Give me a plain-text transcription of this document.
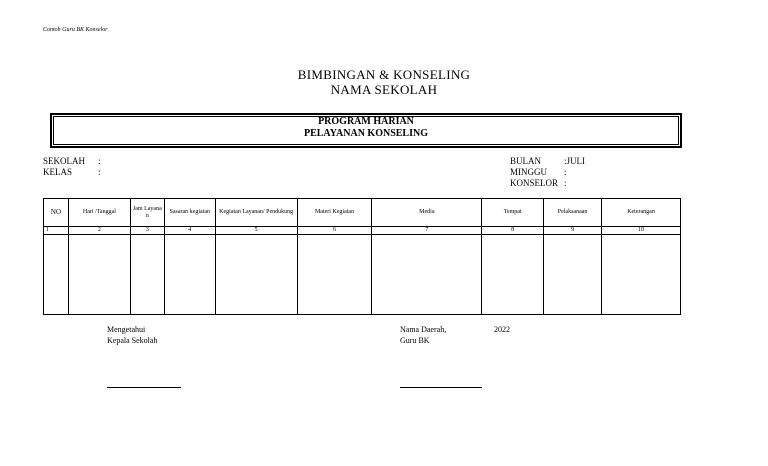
Contoh Guru BK Konselor
BIMBINGAN & KONSELING
NAMA SEKOLAH
PROGRAM HARIAN
PELAYANAN KONSELING
SEKOLAH :
KELAS	:
BULAN	:JULI
MINGGU :
KONSELOR :
NO	Hari /Tanggal	Jam Layana n	Sasaran kegiatan	Kegiatan Layanan/ Pendukung	Materi Kegiatan	Media	Tempat	Pelaksanaan	Keterangan
1	2	3	4	5	6	7	8	9	10

Mengetahui
Kepala Sekolah
Nama Daerah,	2022
Guru BK
